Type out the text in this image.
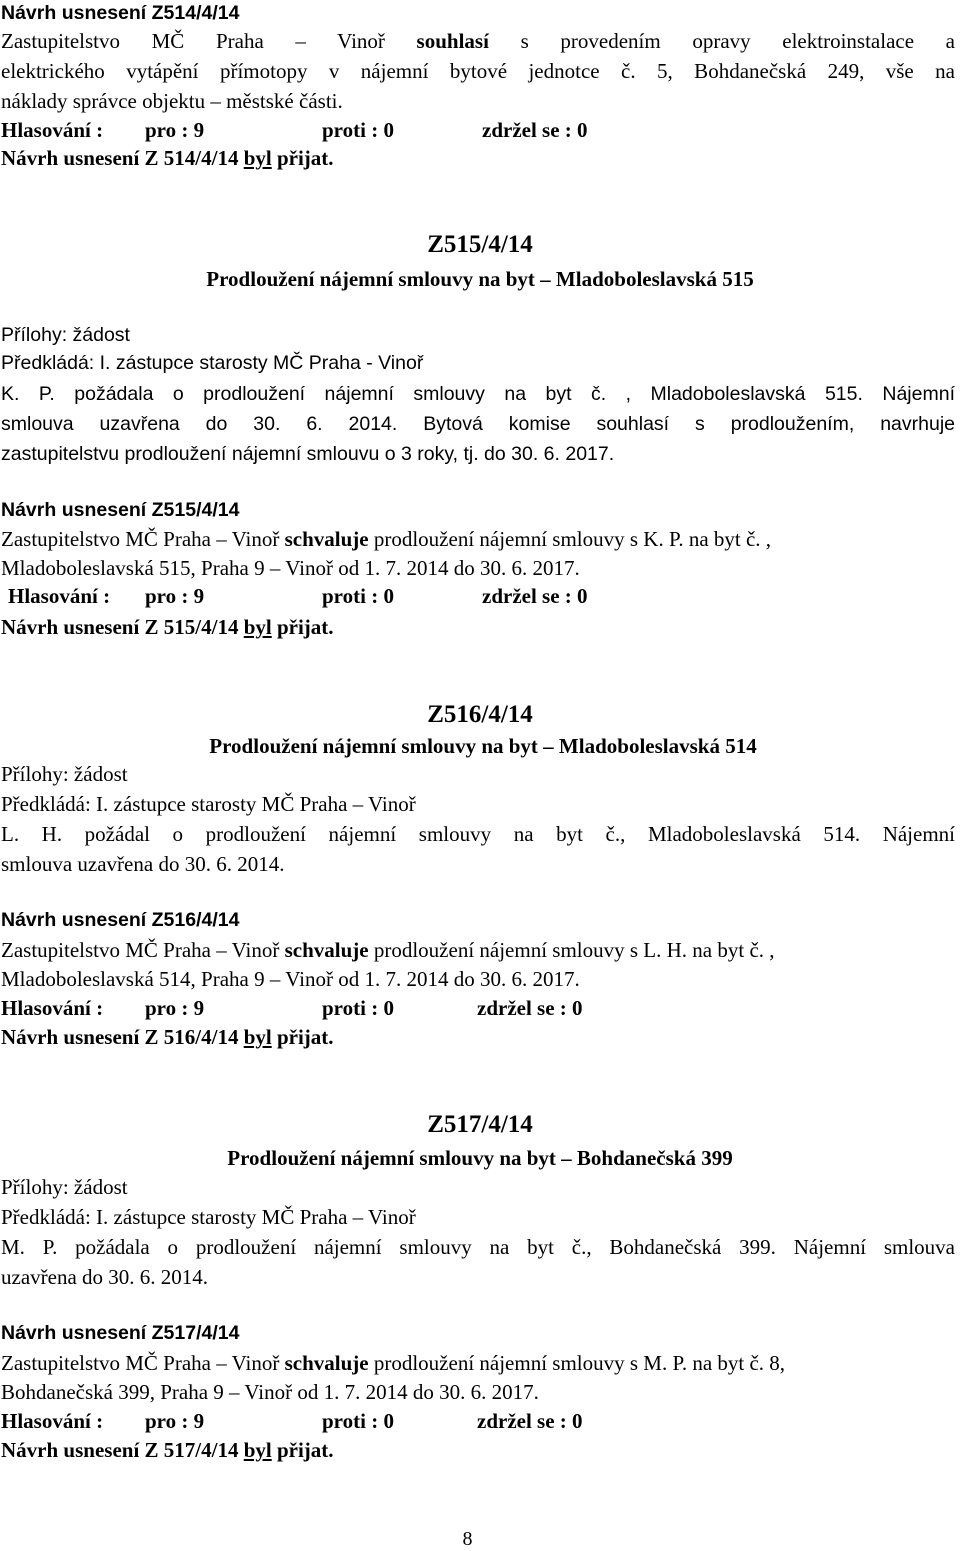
Návrh usnesení Z514/4/14
Zastupitelstvo MČ Praha – Vinoř souhlasí s provedením opravy elektroinstalace a
elektrického vytápění přímotopy v nájemní bytové jednotce č. 5, Bohdanečská 249, vše na
náklady správce objektu – městské části.
Hlasování : pro : 9	proti : 0	zdržel se : 0
Návrh usnesení Z 514/4/14 byl přijat.
Z515/4/14
Prodloužení nájemní smlouvy na byt – Mladoboleslavská 515
Přílohy: žádost
Předkládá: I. zástupce starosty MČ Praha - Vinoř
K. P. požádala o prodloužení nájemní smlouvy na byt č. , Mladoboleslavská 515. Nájemní
smlouva uzavřena do 30. 6. 2014. Bytová komise souhlasí s prodloužením, navrhuje
zastupitelstvu prodloužení nájemní smlouvu o 3 roky, tj. do 30. 6. 2017.
Návrh usnesení Z515/4/14
Zastupitelstvo MČ Praha – Vinoř schvaluje prodloužení nájemní smlouvy s K. P. na byt č. ,
Mladoboleslavská 515, Praha 9 – Vinoř od 1. 7. 2014 do 30. 6. 2017.
Hlasování : pro : 9	proti : 0	zdržel se : 0
Návrh usnesení Z 515/4/14 byl přijat.
Z516/4/14
Prodloužení nájemní smlouvy na byt – Mladoboleslavská 514
Přílohy: žádost
Předkládá: I. zástupce starosty MČ Praha – Vinoř
L. H. požádal o prodloužení nájemní smlouvy na byt č., Mladoboleslavská 514. Nájemní
smlouva uzavřena do 30. 6. 2014.
Návrh usnesení Z516/4/14
Zastupitelstvo MČ Praha – Vinoř schvaluje prodloužení nájemní smlouvy s L. H. na byt č. ,
Mladoboleslavská 514, Praha 9 – Vinoř od 1. 7. 2014 do 30. 6. 2017.
Hlasování : pro : 9	proti : 0	zdržel se : 0
Návrh usnesení Z 516/4/14 byl přijat.
Z517/4/14
Prodloužení nájemní smlouvy na byt – Bohdanečská 399
Přílohy: žádost
Předkládá: I. zástupce starosty MČ Praha – Vinoř
M. P. požádala o prodloužení nájemní smlouvy na byt č., Bohdanečská 399. Nájemní smlouva
uzavřena do 30. 6. 2014.
Návrh usnesení Z517/4/14
Zastupitelstvo MČ Praha – Vinoř schvaluje prodloužení nájemní smlouvy s M. P. na byt č. 8,
Bohdanečská 399, Praha 9 – Vinoř od 1. 7. 2014 do 30. 6. 2017.
Hlasování : pro : 9	proti : 0	zdržel se : 0
Návrh usnesení Z 517/4/14 byl přijat.
8
